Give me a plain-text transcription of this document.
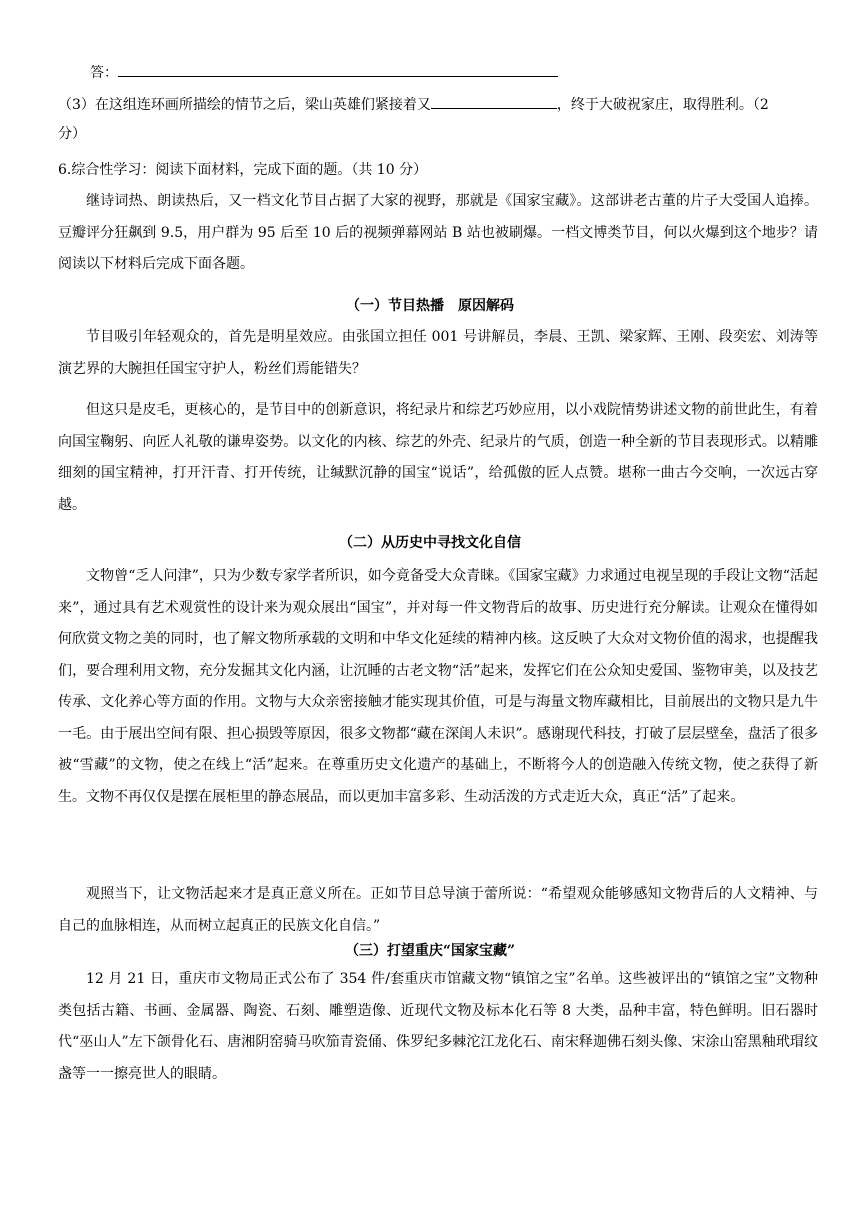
答：
（3）在这组连环画所描绘的情节之后，梁山英雄们紧接着又	，终于大破祝家庄，取得胜利。（2
分）
6.综合性学习：阅读下面材料，完成下面的题。（共 10 分）

继诗词热、朗读热后，又一档文化节目占据了大家的视野，那就是《国家宝藏》。这部讲老古董的片子大受国人追捧。豆瓣评分狂飙到 9.5，用户群为 95 后至 10 后的视频弹幕网站 B 站也被刷爆。一档文博类节目，何以火爆到这个地步？请阅读以下材料后完成下面各题。

（一）节目热播　原因解码

节目吸引年轻观众的，首先是明星效应。由张国立担任 001 号讲解员，李晨、王凯、梁家辉、王刚、段奕宏、刘涛等演艺界的大腕担任国宝守护人，粉丝们焉能错失？

但这只是皮毛，更核心的，是节目中的创新意识，将纪录片和综艺巧妙应用，以小戏院情势讲述文物的前世此生，有着向国宝鞠躬、向匠人礼敬的谦卑姿势。以文化的内核、综艺的外壳、纪录片的气质，创造一种全新的节目表现形式。以精雕细刻的国宝精神，打开汗青、打开传统，让缄默沉静的国宝“说话”，给孤傲的匠人点赞。堪称一曲古今交响，一次远古穿越。

（二）从历史中寻找文化自信

文物曾“乏人问津”，只为少数专家学者所识，如今竟备受大众青睐。《国家宝藏》力求通过电视呈现的手段让文物“活起来”，通过具有艺术观赏性的设计来为观众展出“国宝”，并对每一件文物背后的故事、历史进行充分解读。让观众在懂得如何欣赏文物之美的同时，也了解文物所承载的文明和中华文化延续的精神内核。这反映了大众对文物价值的渴求，也提醒我们，要合理利用文物，充分发掘其文化内涵，让沉睡的古老文物“活”起来，发挥它们在公众知史爱国、鉴物审美，以及技艺传承、文化养心等方面的作用。文物与大众亲密接触才能实现其价值，可是与海量文物库藏相比，目前展出的文物只是九牛一毛。由于展出空间有限、担心损毁等原因，很多文物都“藏在深闺人未识”。感谢现代科技，打破了层层壁垒，盘活了很多被“雪藏”的文物，使之在线上“活”起来。在尊重历史文化遗产的基础上，不断将今人的创造融入传统文物，使之获得了新生。文物不再仅仅是摆在展柜里的静态展品，而以更加丰富多彩、生动活泼的方式走近大众，真正“活”了起来。

观照当下，让文物活起来才是真正意义所在。正如节目总导演于蕾所说：“希望观众能够感知文物背后的人文精神、与自己的血脉相连，从而树立起真正的民族文化自信。”

（三）打望重庆“国家宝藏”

12 月 21 日，重庆市文物局正式公布了 354 件/套重庆市馆藏文物“镇馆之宝”名单。这些被评出的“镇馆之宝”文物种类包括古籍、书画、金属器、陶瓷、石刻、雕塑造像、近现代文物及标本化石等 8 大类，品种丰富，特色鲜明。旧石器时代“巫山人”左下颌骨化石、唐湘阴窑骑马吹笳青瓷俑、侏罗纪多棘沱江龙化石、南宋释迦佛石刻头像、宋涂山窑黑釉玳瑁纹盏等一一擦亮世人的眼睛。
